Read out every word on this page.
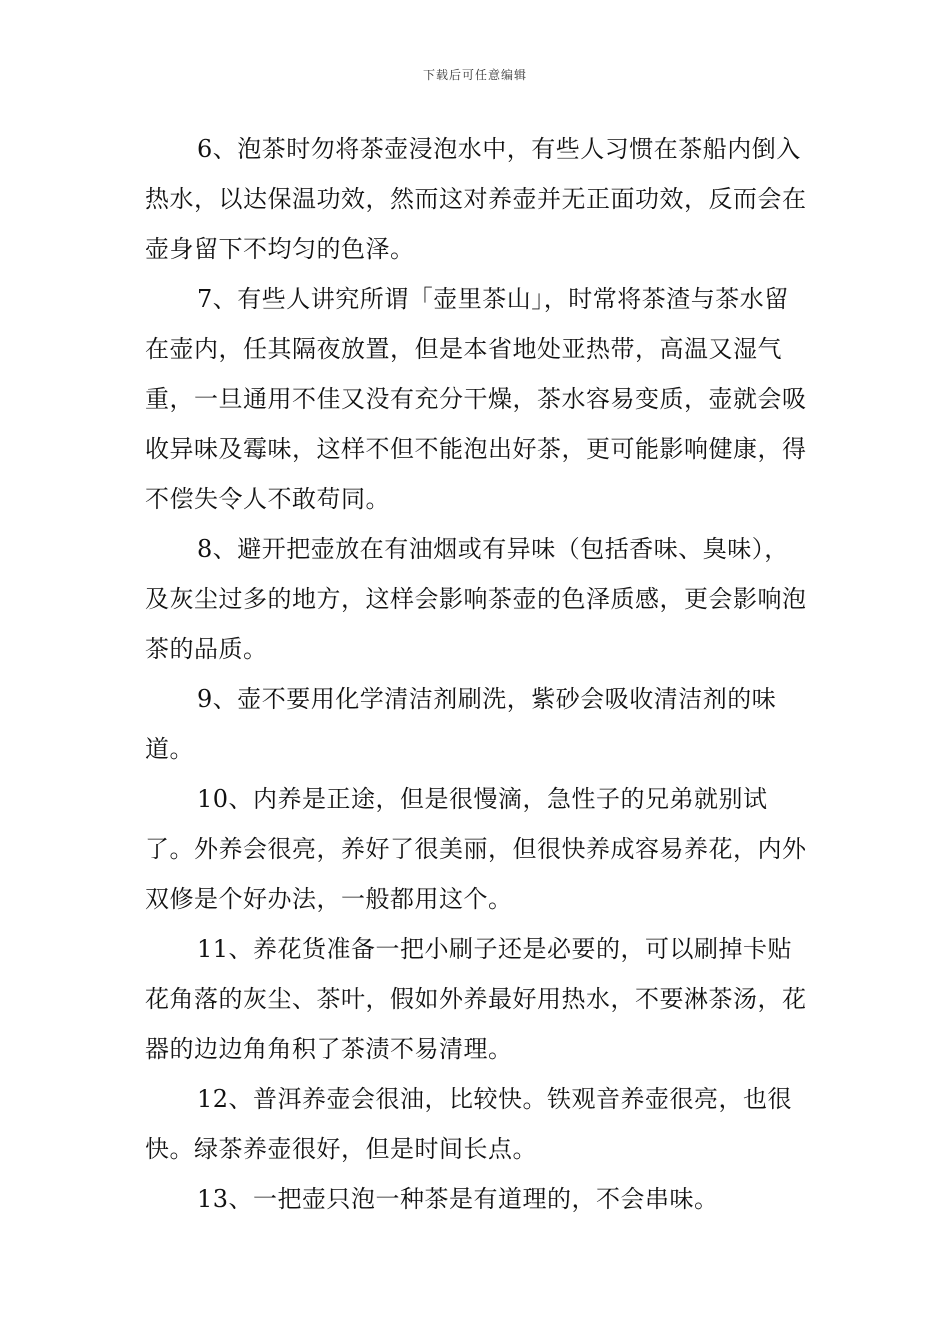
下载后可任意编辑

6、泡茶时勿将茶壶浸泡水中，有些人习惯在茶船内倒入热水，以达保温功效，然而这对养壶并无正面功效，反而会在壶身留下不均匀的色泽。

7、有些人讲究所谓「壶里茶山」，时常将茶渣与茶水留在壶内，任其隔夜放置，但是本省地处亚热带，高温又湿气重，一旦通用不佳又没有充分干燥，茶水容易变质，壶就会吸收异味及霉味，这样不但不能泡出好茶，更可能影响健康，得不偿失令人不敢苟同。

8、避开把壶放在有油烟或有异味（包括香味、臭味），及灰尘过多的地方，这样会影响茶壶的色泽质感，更会影响泡茶的品质。

9、壶不要用化学清洁剂刷洗，紫砂会吸收清洁剂的味道。

10、内养是正途，但是很慢滴，急性子的兄弟就别试了。外养会很亮，养好了很美丽，但很快养成容易养花，内外双修是个好办法，一般都用这个。

11、养花货准备一把小刷子还是必要的，可以刷掉卡贴花角落的灰尘、茶叶，假如外养最好用热水，不要淋茶汤，花器的边边角角积了茶渍不易清理。

12、普洱养壶会很油，比较快。铁观音养壶很亮，也很快。绿茶养壶很好，但是时间长点。

13、一把壶只泡一种茶是有道理的，不会串味。
